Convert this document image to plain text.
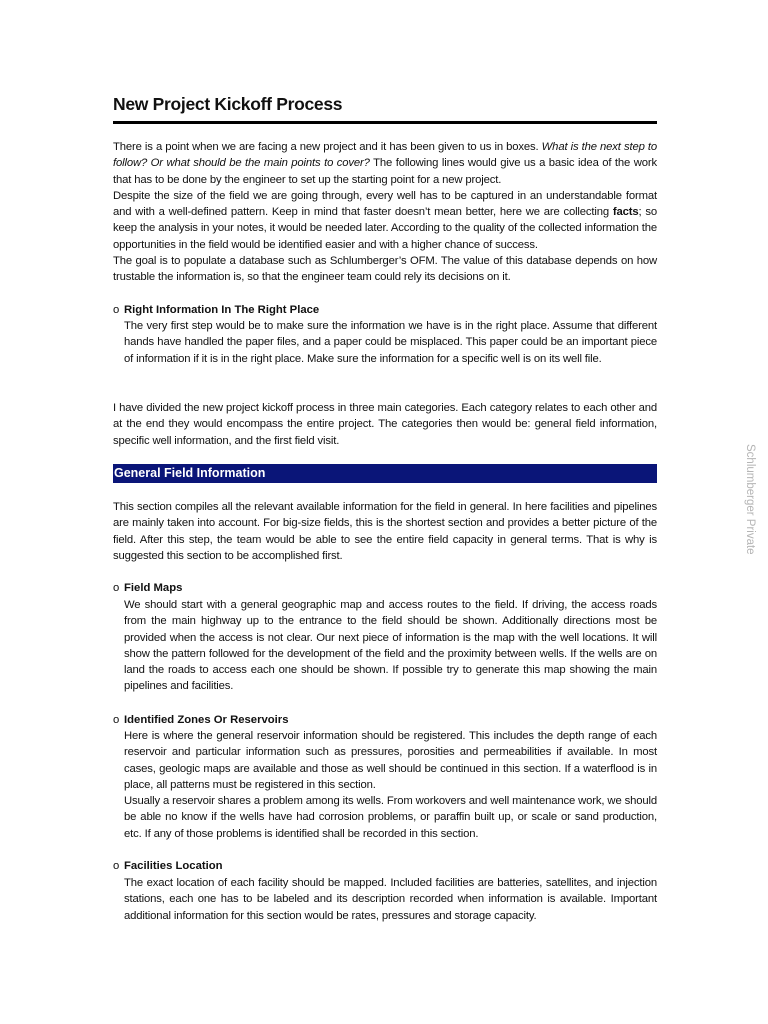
New Project Kickoff Process
There is a point when we are facing a new project and it has been given to us in boxes. What is the next step to follow? Or what should be the main points to cover? The following lines would give us a basic idea of the work that has to be done by the engineer to set up the starting point for a new project.
Despite the size of the field we are going through, every well has to be captured in an understandable format and with a well-defined pattern. Keep in mind that faster doesn’t mean better, here we are collecting facts; so keep the analysis in your notes, it would be needed later. According to the quality of the collected information the opportunities in the field would be identified easier and with a higher chance of success.
The goal is to populate a database such as Schlumberger’s OFM. The value of this database depends on how trustable the information is, so that the engineer team could rely its decisions on it.
o Right Information In The Right Place
The very first step would be to make sure the information we have is in the right place. Assume that different hands have handled the paper files, and a paper could be misplaced. This paper could be an important piece of information if it is in the right place. Make sure the information for a specific well is on its well file.
I have divided the new project kickoff process in three main categories. Each category relates to each other and at the end they would encompass the entire project. The categories then would be: general field information, specific well information, and the first field visit.
General Field Information
This section compiles all the relevant available information for the field in general. In here facilities and pipelines are mainly taken into account. For big-size fields, this is the shortest section and provides a better picture of the field. After this step, the team would be able to see the entire field capacity in general terms. That is why is suggested this section to be accomplished first.
o Field Maps
We should start with a general geographic map and access routes to the field. If driving, the access roads from the main highway up to the entrance to the field should be shown. Additionally directions most be provided when the access is not clear. Our next piece of information is the map with the well locations. It will show the pattern followed for the development of the field and the proximity between wells. If the wells are on land the roads to access each one should be shown. If possible try to generate this map showing the main pipelines and facilities.
o Identified Zones Or Reservoirs
Here is where the general reservoir information should be registered. This includes the depth range of each reservoir and particular information such as pressures, porosities and permeabilities if available. In most cases, geologic maps are available and those as well should be continued in this section. If a waterflood is in place, all patterns must be registered in this section.
Usually a reservoir shares a problem among its wells. From workovers and well maintenance work, we should be able no know if the wells have had corrosion problems, or paraffin built up, or scale or sand production, etc. If any of those problems is identified shall be recorded in this section.
o Facilities Location
The exact location of each facility should be mapped. Included facilities are batteries, satellites, and injection stations, each one has to be labeled and its description recorded when information is available. Important additional information for this section would be rates, pressures and storage capacity.
Schlumberger Private
